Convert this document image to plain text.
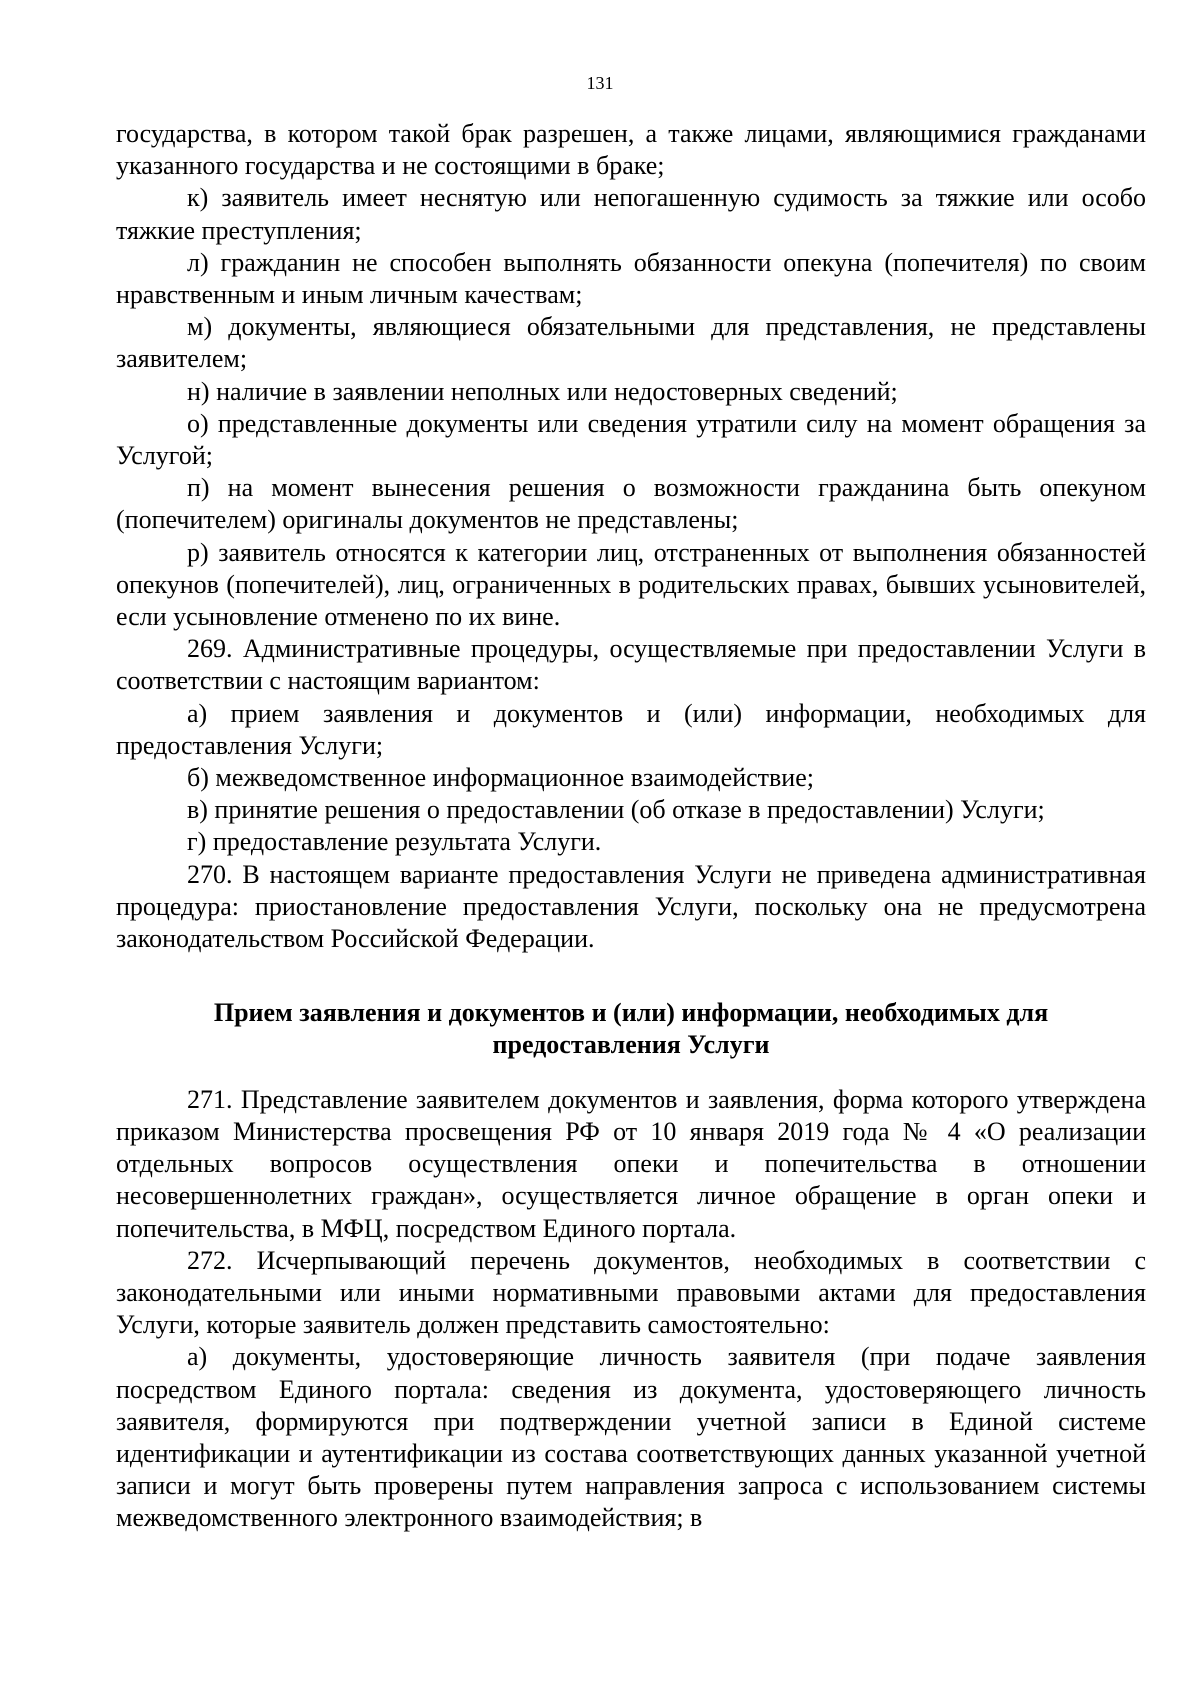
131

государства, в котором такой брак разрешен, а также лицами, являющимися гражданами указанного государства и не состоящими в браке;

к) заявитель имеет неснятую или непогашенную судимость за тяжкие или особо тяжкие преступления;

л) гражданин не способен выполнять обязанности опекуна (попечителя) по своим нравственным и иным личным качествам;

м) документы, являющиеся обязательными для представления, не представлены заявителем;

н) наличие в заявлении неполных или недостоверных сведений;

о) представленные документы или сведения утратили силу на момент обращения за Услугой;

п) на момент вынесения решения о возможности гражданина быть опекуном (попечителем) оригиналы документов не представлены;

р) заявитель относятся к категории лиц, отстраненных от выполнения обязанностей опекунов (попечителей), лиц, ограниченных в родительских правах, бывших усыновителей, если усыновление отменено по их вине.

269. Административные процедуры, осуществляемые при предоставлении Услуги в соответствии с настоящим вариантом:

а) прием заявления и документов и (или) информации, необходимых для предоставления Услуги;

б) межведомственное информационное взаимодействие;

в) принятие решения о предоставлении (об отказе в предоставлении) Услуги;

г) предоставление результата Услуги.

270. В настоящем варианте предоставления Услуги не приведена административная процедура: приостановление предоставления Услуги, поскольку она не предусмотрена законодательством Российской Федерации.

Прием заявления и документов и (или) информации, необходимых для
предоставления Услуги

271. Представление заявителем документов и заявления, форма которого утверждена приказом Министерства просвещения РФ от 10 января 2019 года № 4 «О реализации отдельных вопросов осуществления опеки и попечительства в отношении несовершеннолетних граждан», осуществляется личное обращение в орган опеки и попечительства, в МФЦ, посредством Единого портала.

272. Исчерпывающий перечень документов, необходимых в соответствии с законодательными или иными нормативными правовыми актами для предоставления Услуги, которые заявитель должен представить самостоятельно:

а) документы, удостоверяющие личность заявителя (при подаче заявления посредством Единого портала: сведения из документа, удостоверяющего личность заявителя, формируются при подтверждении учетной записи в Единой системе идентификации и аутентификации из состава соответствующих данных указанной учетной записи и могут быть проверены путем направления запроса с использованием системы межведомственного электронного взаимодействия; в
